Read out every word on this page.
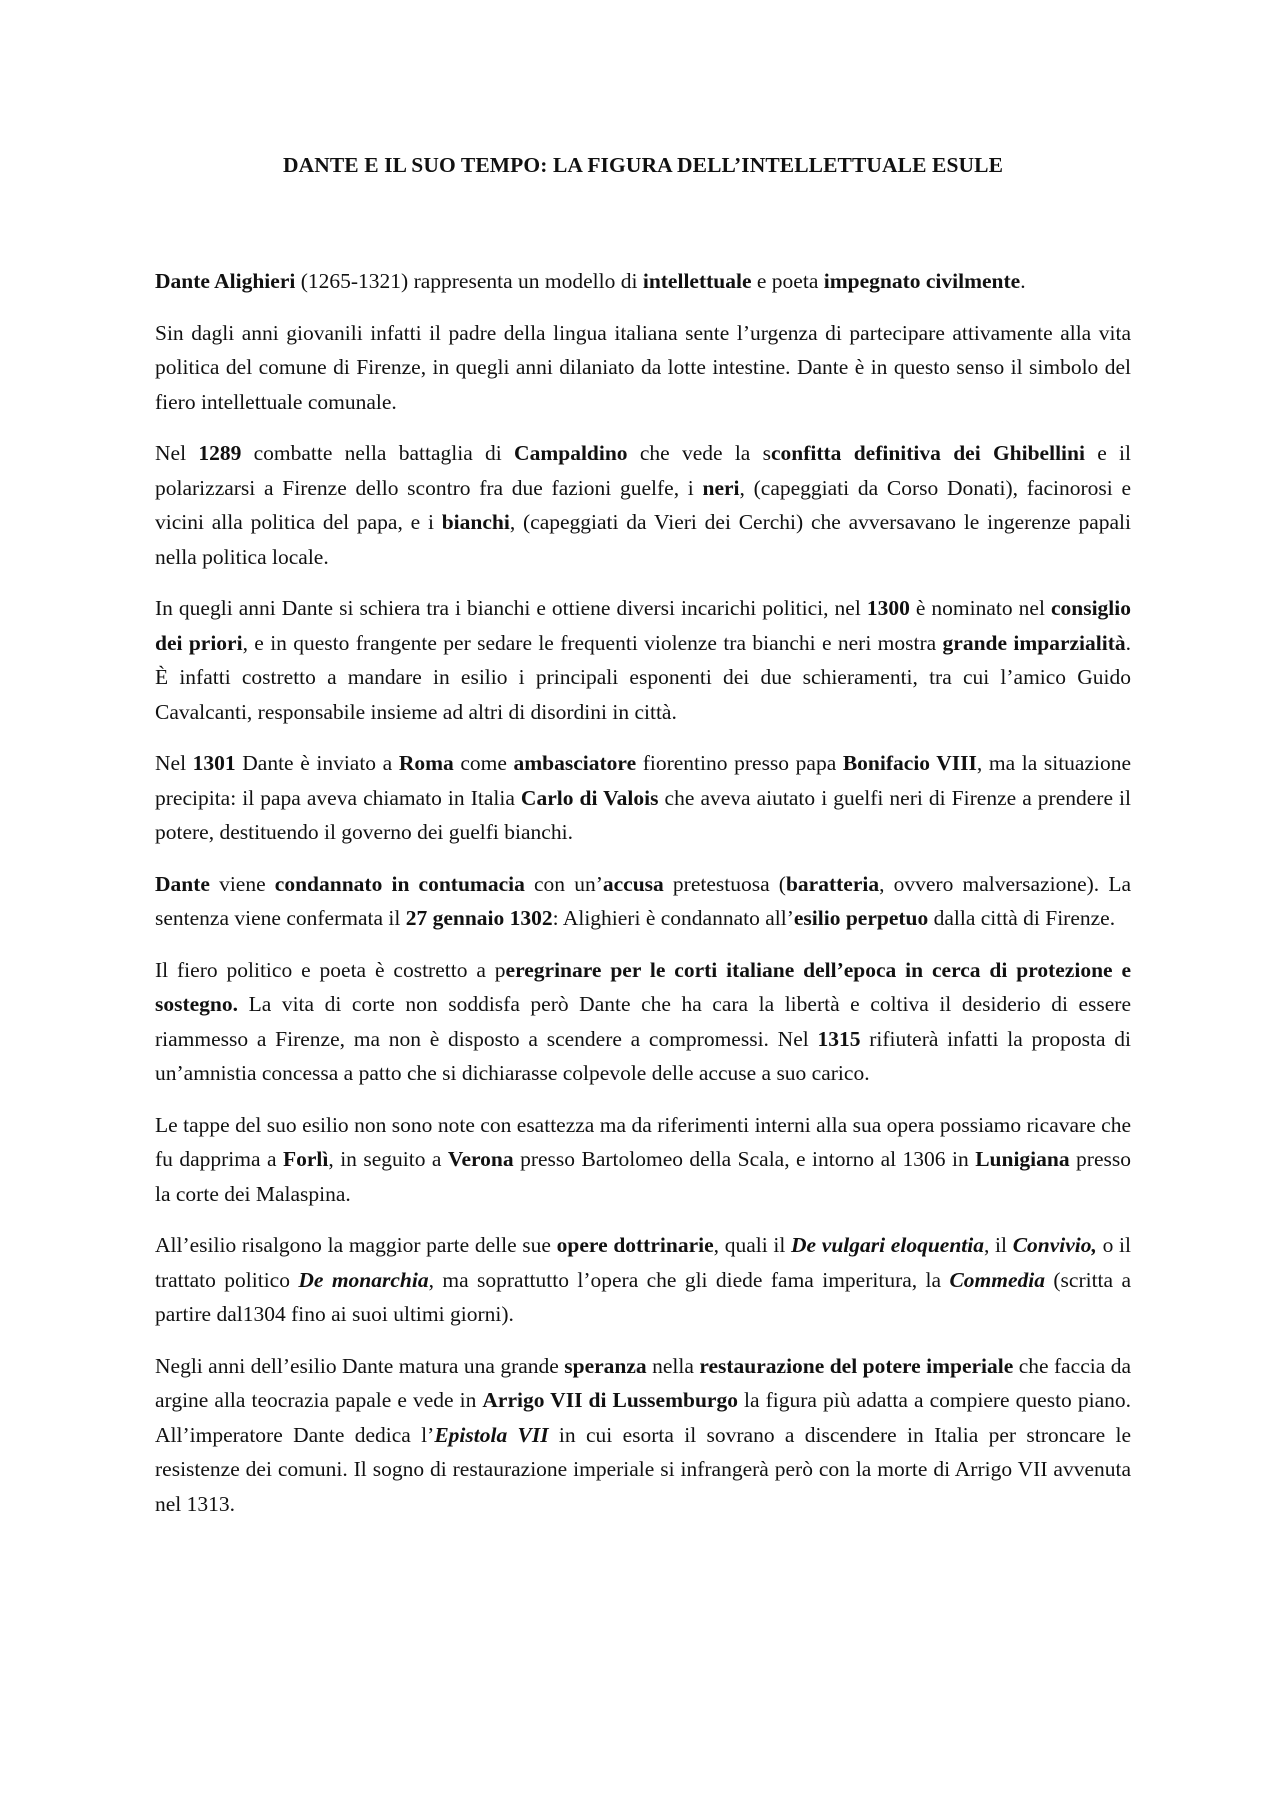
DANTE E IL SUO TEMPO: LA FIGURA DELL’INTELLETTUALE ESULE

Dante Alighieri (1265-1321) rappresenta un modello di intellettuale e poeta impegnato civilmente.

Sin dagli anni giovanili infatti il padre della lingua italiana sente l’urgenza di partecipare attivamente alla vita politica del comune di Firenze, in quegli anni dilaniato da lotte intestine. Dante è in questo senso il simbolo del fiero intellettuale comunale.

Nel 1289 combatte nella battaglia di Campaldino che vede la sconfitta definitiva dei Ghibellini e il polarizzarsi a Firenze dello scontro fra due fazioni guelfe, i neri, (capeggiati da Corso Donati), facinorosi e vicini alla politica del papa, e i bianchi, (capeggiati da Vieri dei Cerchi) che avversavano le ingerenze papali nella politica locale.

In quegli anni Dante si schiera tra i bianchi e ottiene diversi incarichi politici, nel 1300 è nominato nel consiglio dei priori, e in questo frangente per sedare le frequenti violenze tra bianchi e neri mostra grande imparzialità. È infatti costretto a mandare in esilio i principali esponenti dei due schieramenti, tra cui l’amico Guido Cavalcanti, responsabile insieme ad altri di disordini in città.

Nel 1301 Dante è inviato a Roma come ambasciatore fiorentino presso papa Bonifacio VIII, ma la situazione precipita: il papa aveva chiamato in Italia Carlo di Valois che aveva aiutato i guelfi neri di Firenze a prendere il potere, destituendo il governo dei guelfi bianchi.

Dante viene condannato in contumacia con un’accusa pretestuosa (baratteria, ovvero malversazione). La sentenza viene confermata il 27 gennaio 1302: Alighieri è condannato all’esilio perpetuo dalla città di Firenze.

Il fiero politico e poeta è costretto a peregrinare per le corti italiane dell’epoca in cerca di protezione e sostegno. La vita di corte non soddisfa però Dante che ha cara la libertà e coltiva il desiderio di essere riammesso a Firenze, ma non è disposto a scendere a compromessi. Nel 1315 rifiuterà infatti la proposta di un’amnistia concessa a patto che si dichiarasse colpevole delle accuse a suo carico.

Le tappe del suo esilio non sono note con esattezza ma da riferimenti interni alla sua opera possiamo ricavare che fu dapprima a Forlì, in seguito a Verona presso Bartolomeo della Scala, e intorno al 1306 in Lunigiana presso la corte dei Malaspina.

All’esilio risalgono la maggior parte delle sue opere dottrinarie, quali il De vulgari eloquentia, il Convivio, o il trattato politico De monarchia, ma soprattutto l’opera che gli diede fama imperitura, la Commedia (scritta a partire dal1304 fino ai suoi ultimi giorni).

Negli anni dell’esilio Dante matura una grande speranza nella restaurazione del potere imperiale che faccia da argine alla teocrazia papale e vede in Arrigo VII di Lussemburgo la figura più adatta a compiere questo piano. All’imperatore Dante dedica l’Epistola VII in cui esorta il sovrano a discendere in Italia per stroncare le resistenze dei comuni. Il sogno di restaurazione imperiale si infrangerà però con la morte di Arrigo VII avvenuta nel 1313.
